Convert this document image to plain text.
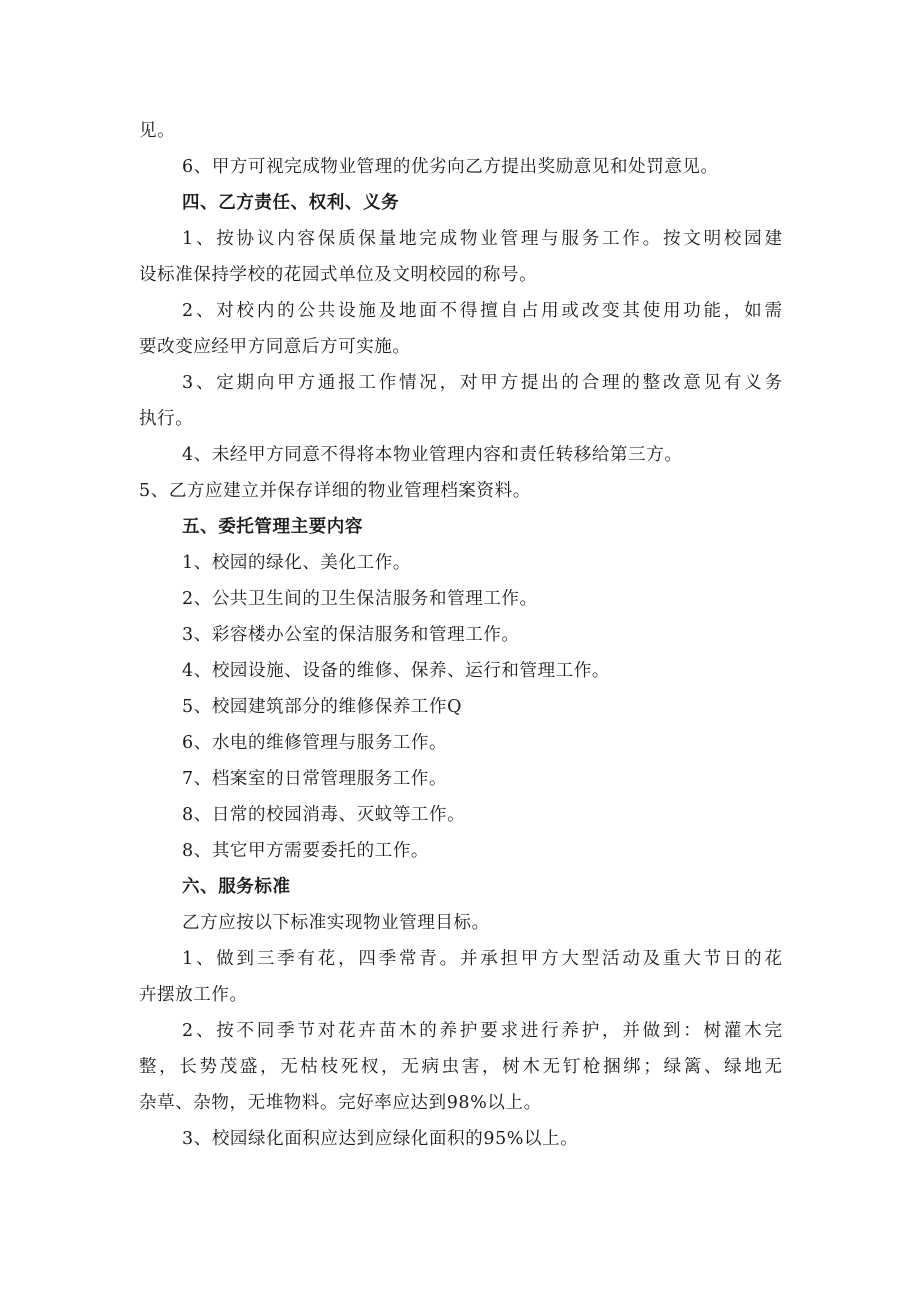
见。
6、甲方可视完成物业管理的优劣向乙方提出奖励意见和处罚意见。
四、乙方责任、权利、义务
1、按协议内容保质保量地完成物业管理与服务工作。按文明校园建
设标准保持学校的花园式单位及文明校园的称号。
2、对校内的公共设施及地面不得擅自占用或改变其使用功能，如需
要改变应经甲方同意后方可实施。
3、定期向甲方通报工作情况，对甲方提出的合理的整改意见有义务
执行。
4、未经甲方同意不得将本物业管理内容和责任转移给第三方。
5、乙方应建立并保存详细的物业管理档案资料。
五、委托管理主要内容
1、校园的绿化、美化工作。
2、公共卫生间的卫生保洁服务和管理工作。
3、彩容楼办公室的保洁服务和管理工作。
4、校园设施、设备的维修、保养、运行和管理工作。
5、校园建筑部分的维修保养工作Q
6、水电的维修管理与服务工作。
7、档案室的日常管理服务工作。
8、日常的校园消毒、灭蚊等工作。
8、其它甲方需要委托的工作。
六、服务标准
乙方应按以下标准实现物业管理目标。
1、做到三季有花，四季常青。并承担甲方大型活动及重大节日的花
卉摆放工作。
2、按不同季节对花卉苗木的养护要求进行养护，并做到：树灌木完
整，长势茂盛，无枯枝死杈，无病虫害，树木无钉枪捆绑；绿篱、绿地无
杂草、杂物，无堆物料。完好率应达到98%以上。
3、校园绿化面积应达到应绿化面积的95%以上。
